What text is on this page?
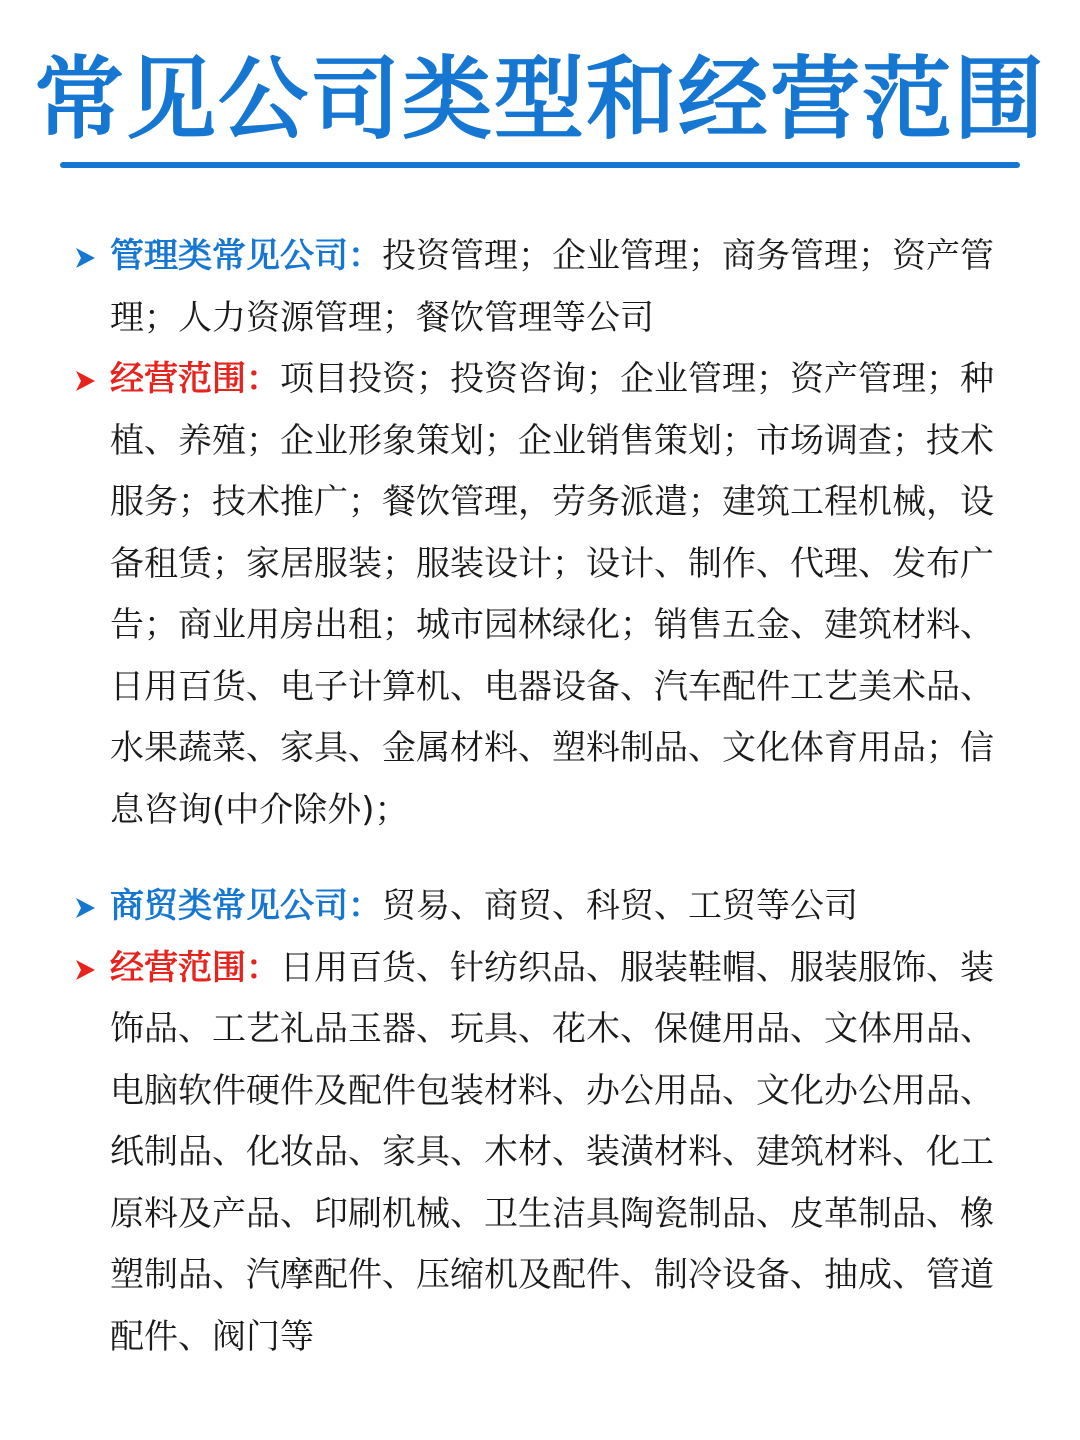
常见公司类型和经营范围
管理类常见公司：投资管理；企业管理；商务管理；资产管理；人力资源管理；餐饮管理等公司
经营范围：项目投资；投资咨询；企业管理；资产管理；种植、养殖；企业形象策划；企业销售策划；市场调查；技术服务；技术推广；餐饮管理，劳务派遣；建筑工程机械，设备租赁；家居服装；服装设计；设计、制作、代理、发布广告；商业用房出租；城市园林绿化；销售五金、建筑材料、日用百货、电子计算机、电器设备、汽车配件工艺美术品、水果蔬菜、家具、金属材料、塑料制品、文化体育用品；信息咨询(中介除外)；
商贸类常见公司：贸易、商贸、科贸、工贸等公司
经营范围：日用百货、针纺织品、服装鞋帽、服装服饰、装饰品、工艺礼品玉器、玩具、花木、保健用品、文体用品、电脑软件硬件及配件包装材料、办公用品、文化办公用品、纸制品、化妆品、家具、木材、装潢材料、建筑材料、化工原料及产品、印刷机械、卫生洁具陶瓷制品、皮革制品、橡塑制品、汽摩配件、压缩机及配件、制冷设备、抽成、管道配件、阀门等
